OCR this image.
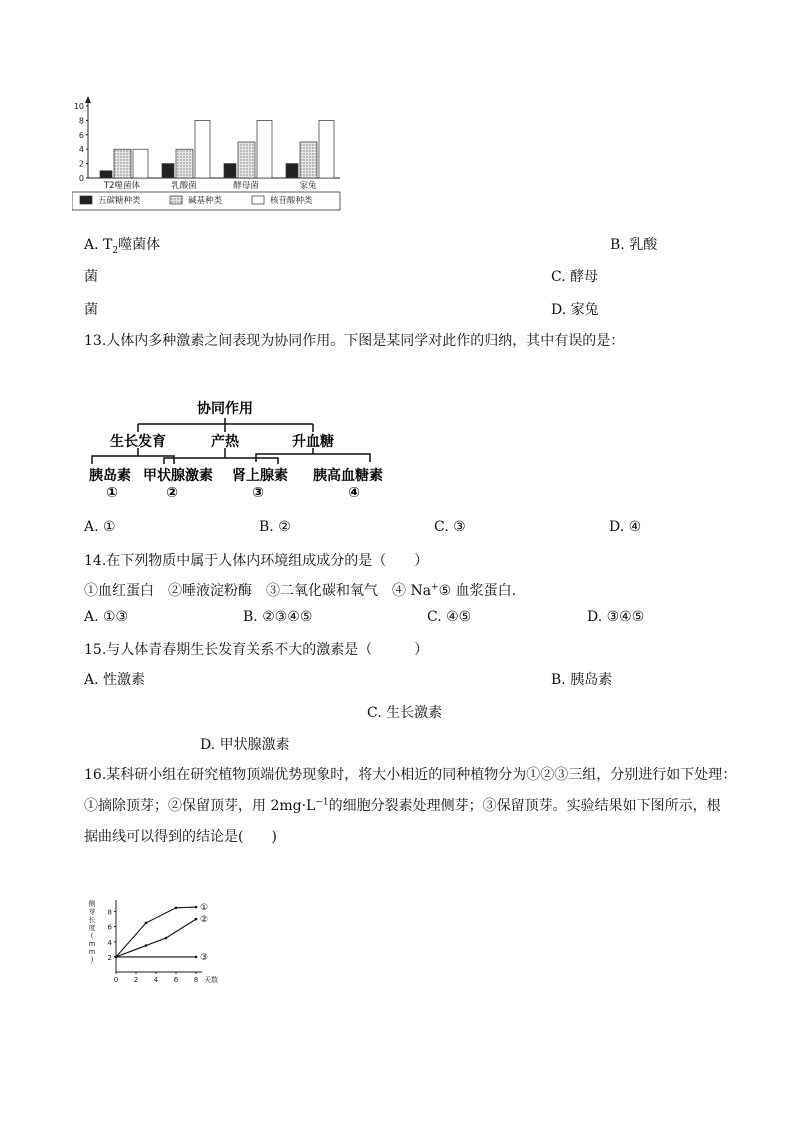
0
2
4
6
8
10
T2噬菌体	乳酸菌	酵母菌	家兔
五碳糖种类	碱基种类	核苷酸种类
A. $T_2$噬菌体	B. 乳酸
菌	C. 酵母
菌	D. 家兔
13.人体内多种激素之间表现为协同作用。下图是某同学对此作的归纳，其中有误的是：
协同作用
生长发育	产热	升血糖
胰岛素 甲状腺激素 肾上腺素 胰高血糖素
①	②	③	④
A. ①	B. ②	C. ③	D. ④
14.在下列物质中属于人体内环境组成成分的是（　　）
①血红蛋白　②唾液淀粉酶　③二氧化碳和氧气　④ Na+⑤ 血浆蛋白.
A. ①③	B. ②③④⑤	C. ④⑤	D. ③④⑤
15.与人体青春期生长发育关系不大的激素是（　　　）
A. 性激素	B. 胰岛素
C. 生长激素
D. 甲状腺激素
16.某科研小组在研究植物顶端优势现象时，将大小相近的同种植物分为①②③三组，分别进行如下处理：
①摘除顶芽；②保留顶芽，用 $2mg\cdot L^{-1}$的细胞分裂素处理侧芽；③保留顶芽。实验结果如下图所示，根
据曲线可以得到的结论是(　　)
0 2 4 6 8
2
4
6
8
天数
侧
芽
长
度
(
m
m
)
①
②
③
